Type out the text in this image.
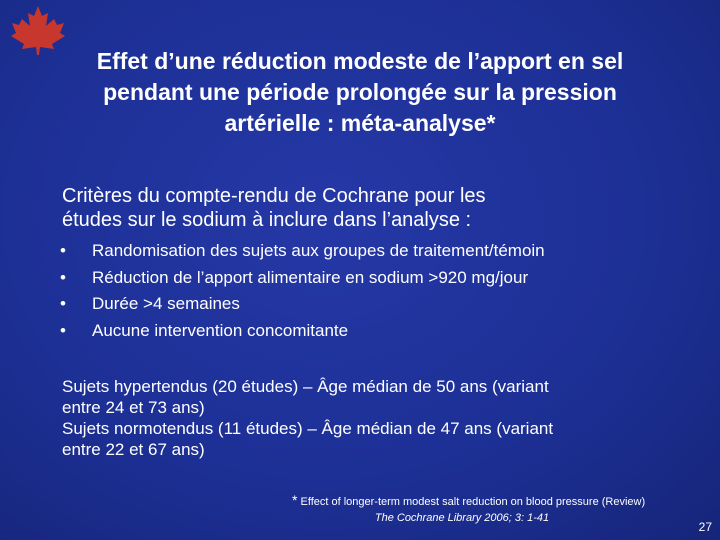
Effet d’une réduction modeste de l’apport en sel
pendant une période prolongée sur la pression
artérielle : méta-analyse*
Critères du compte-rendu de Cochrane pour les
études sur le sodium à inclure dans l’analyse :
•	Randomisation des sujets aux groupes de traitement/témoin
•	Réduction de l’apport alimentaire en sodium >920 mg/jour
•	Durée >4 semaines
•	Aucune intervention concomitante
Sujets hypertendus (20 études) – Âge médian de 50 ans (variant
entre 24 et 73 ans)
Sujets normotendus (11 études) – Âge médian de 47 ans (variant
entre 22 et 67 ans)
* Effect of longer-term modest salt reduction on blood pressure (Review)
The Cochrane Library 2006; 3: 1-41
27
